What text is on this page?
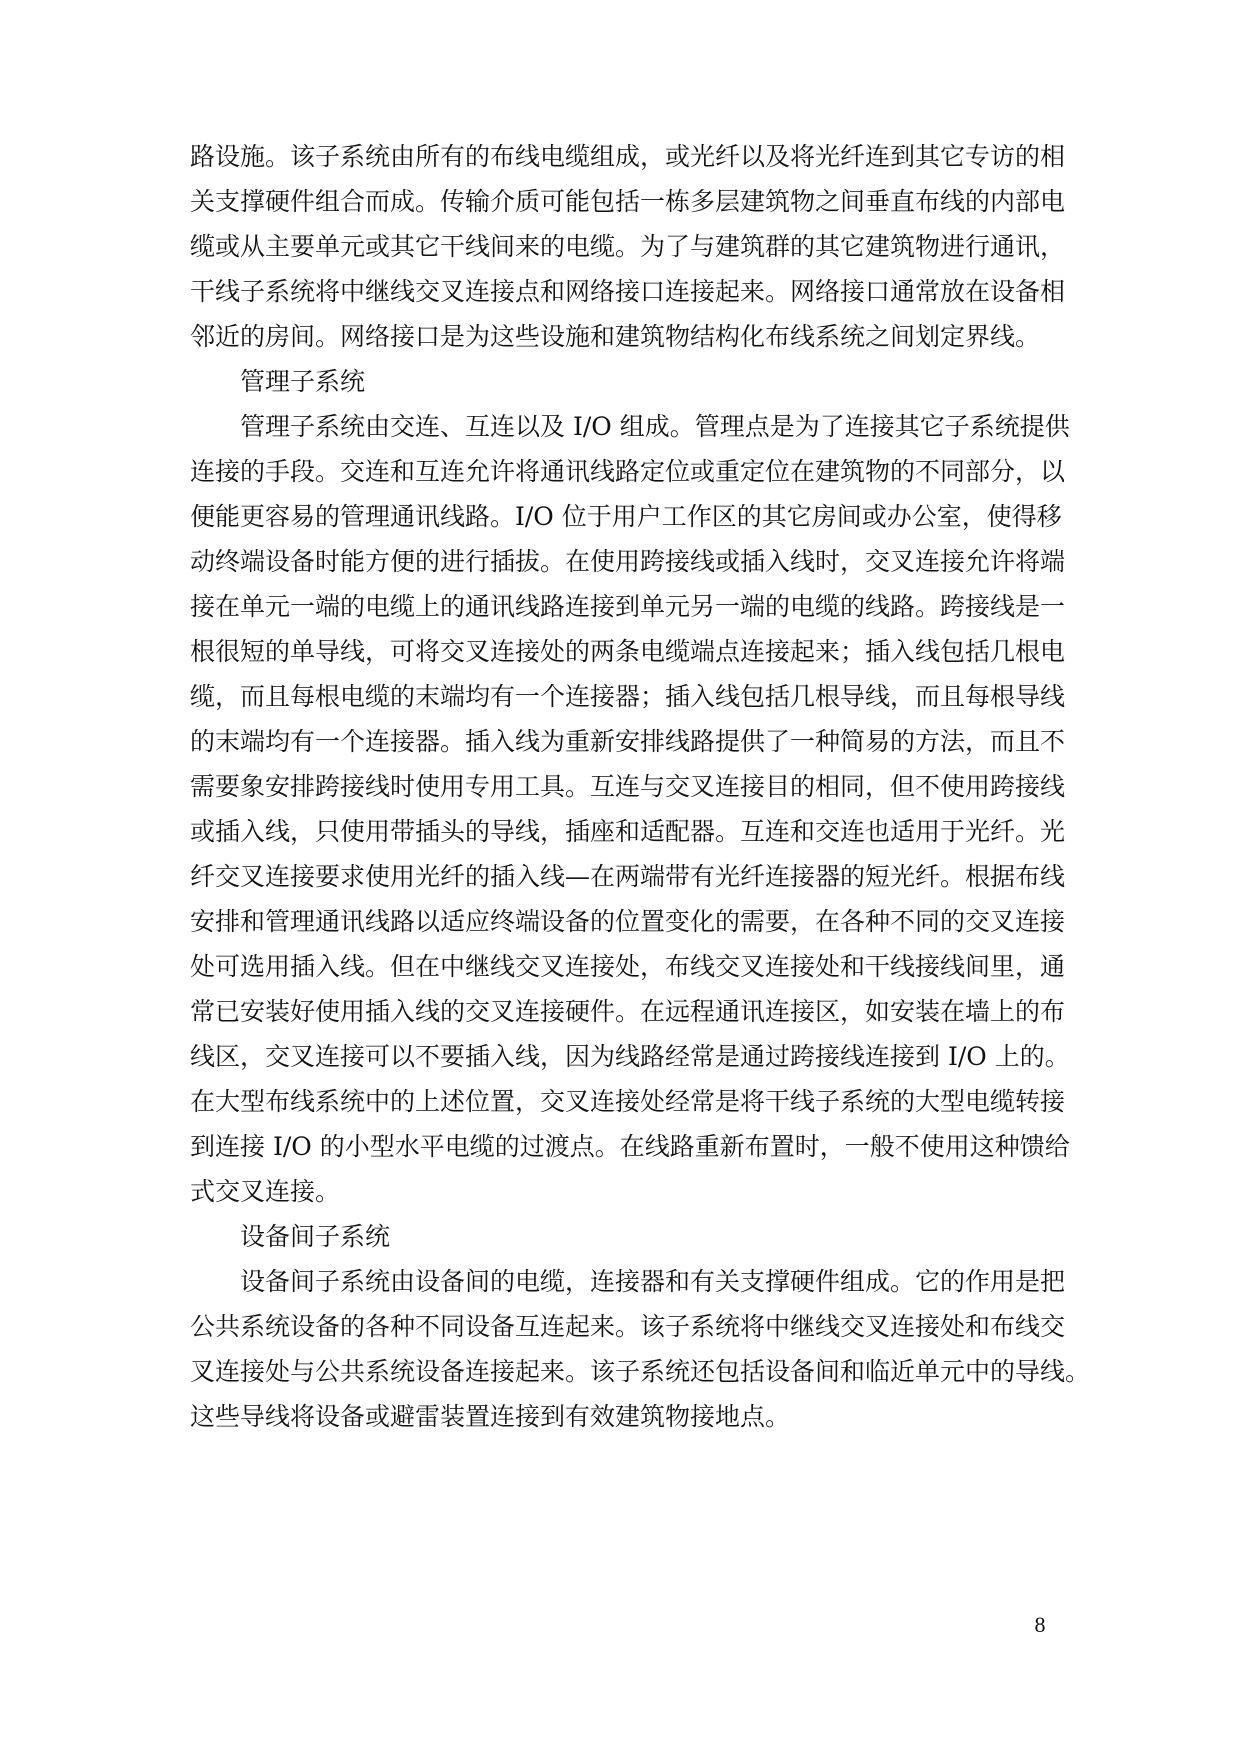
路设施。该子系统由所有的布线电缆组成，或光纤以及将光纤连到其它专访的相
关支撑硬件组合而成。传输介质可能包括一栋多层建筑物之间垂直布线的内部电
缆或从主要单元或其它干线间来的电缆。为了与建筑群的其它建筑物进行通讯，
干线子系统将中继线交叉连接点和网络接口连接起来。网络接口通常放在设备相
邻近的房间。网络接口是为这些设施和建筑物结构化布线系统之间划定界线。
管理子系统
管理子系统由交连、互连以及 I/O 组成。管理点是为了连接其它子系统提供
连接的手段。交连和互连允许将通讯线路定位或重定位在建筑物的不同部分，以
便能更容易的管理通讯线路。I/O 位于用户工作区的其它房间或办公室，使得移
动终端设备时能方便的进行插拔。在使用跨接线或插入线时，交叉连接允许将端
接在单元一端的电缆上的通讯线路连接到单元另一端的电缆的线路。跨接线是一
根很短的单导线，可将交叉连接处的两条电缆端点连接起来；插入线包括几根电
缆，而且每根电缆的末端均有一个连接器；插入线包括几根导线，而且每根导线
的末端均有一个连接器。插入线为重新安排线路提供了一种简易的方法，而且不
需要象安排跨接线时使用专用工具。互连与交叉连接目的相同，但不使用跨接线
或插入线，只使用带插头的导线，插座和适配器。互连和交连也适用于光纤。光
纤交叉连接要求使用光纤的插入线—在两端带有光纤连接器的短光纤。根据布线
安排和管理通讯线路以适应终端设备的位置变化的需要，在各种不同的交叉连接
处可选用插入线。但在中继线交叉连接处，布线交叉连接处和干线接线间里，通
常已安装好使用插入线的交叉连接硬件。在远程通讯连接区，如安装在墙上的布
线区，交叉连接可以不要插入线，因为线路经常是通过跨接线连接到 I/O 上的。
在大型布线系统中的上述位置，交叉连接处经常是将干线子系统的大型电缆转接
到连接 I/O 的小型水平电缆的过渡点。在线路重新布置时，一般不使用这种馈给
式交叉连接。
设备间子系统
设备间子系统由设备间的电缆，连接器和有关支撑硬件组成。它的作用是把
公共系统设备的各种不同设备互连起来。该子系统将中继线交叉连接处和布线交
叉连接处与公共系统设备连接起来。该子系统还包括设备间和临近单元中的导线。
这些导线将设备或避雷装置连接到有效建筑物接地点。
8
